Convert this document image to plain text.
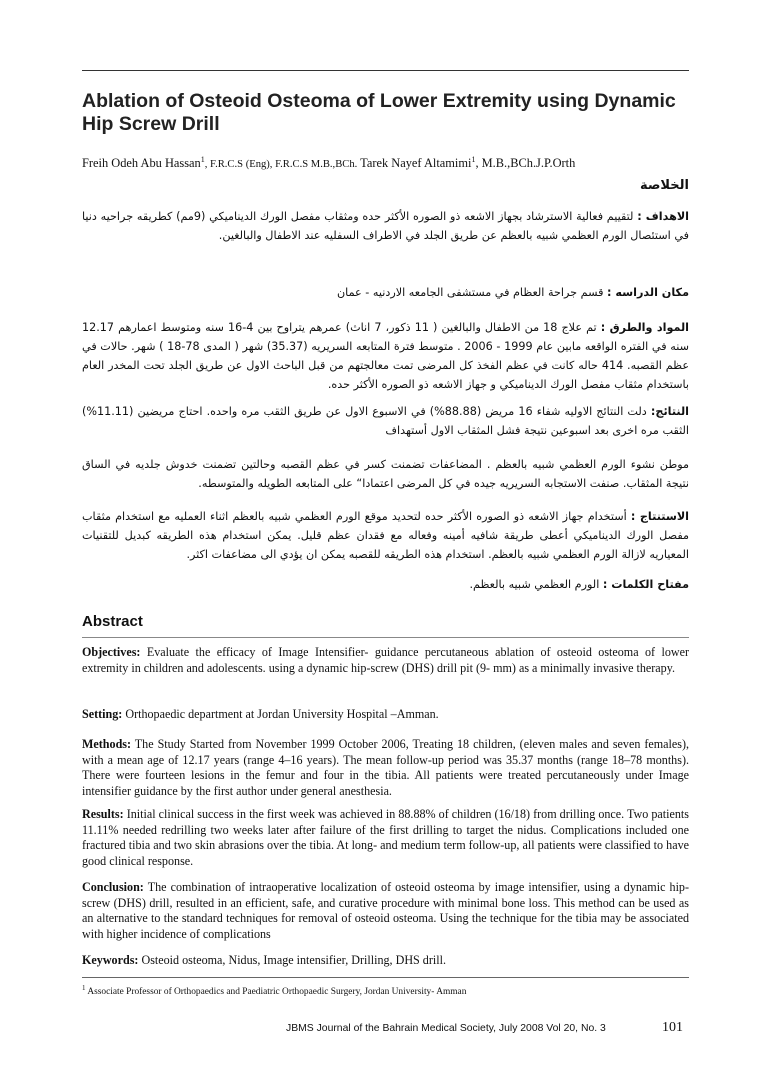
Ablation of Osteoid Osteoma of Lower Extremity using Dynamic Hip Screw Drill
Freih Odeh Abu Hassan$^1$, F.R.C.S (Eng), F.R.C.S M.B.,BCh. Tarek Nayef Altamimi$^1$, M.B.,BCh.J.P.Orth
الخلاصة
الاهداف : لتقييم فعالية الاسترشاد بجهاز الاشعه ذو الصوره الأكثر حده ومثقاب مفصل الورك الديناميكي (9مم) كطريقه جراحيه دنيا في استئصال الورم العظمي شبيه بالعظم عن طريق الجلد في الاطراف السفليه عند الاطفال والبالغين.
مكان الدراسه : قسم جراحة العظام في مستشفى الجامعه الاردنيه - عمان
المواد والطرق : تم علاج 18 من الاطفال والبالغين ( 11 ذكور، 7 اناث) عمرهم يتراوح بين 4-16 سنه ومتوسط اعمارهم 12.17 سنه في الفتره الواقعه مابين عام 1999 - 2006 . متوسط فترة المتابعه السريريه (35.37) شهر ( المدى 78-18 ) شهر. حالات في عظم القصبه. 414 حاله كانت في عظم الفخذ كل المرضى تمت معالجتهم من قبل الباحث الاول عن طريق الجلد تحت المخدر العام باستخدام مثقاب مفصل الورك الديناميكي و جهاز الاشعه ذو الصوره الأكثر حده.
النتائج: دلت النتائج الاوليه شفاء 16 مريض (88.88%) في الاسبوع الاول عن طريق الثقب مره واحده. احتاج مريضين (11.11%) الثقب مره اخرى بعد اسبوعين نتيجة فشل المثقاب الاول أستهداف
موطن نشوء الورم العظمي شبيه بالعظم . المضاعفات تضمنت كسر في عظم القصبه وحالتين تضمنت خدوش جلديه في الساق نتيجة المثقاب. صنفت الاستجابه السريريه جيده في كل المرضى اعتمادا“ على المتابعه الطويله والمتوسطه.
الاستنتاج : أستخدام جهاز الاشعه ذو الصوره الأكثر حده لتحديد موقع الورم العظمي شبيه بالعظم اثناء العمليه مع استخدام مثقاب مفصل الورك الديناميكي أعطى طريقة شافيه أمينه وفعاله مع فقدان عظم قليل. يمكن استخدام هذه الطريقه كبديل للتقنيات المعياريه لازالة الورم العظمي شبيه بالعظم. استخدام هذه الطريقه للقصبه يمكن ان يؤدي الى مضاعفات اكثر.
مفتاح الكلمات : الورم العظمي شبيه بالعظم.
Abstract

Objectives: Evaluate the efficacy of Image Intensifier- guidance percutaneous ablation of osteoid osteoma of lower extremity in children and adolescents. using a dynamic hip-screw (DHS) drill pit (9- mm) as a minimally invasive therapy.

Setting: Orthopaedic department at Jordan University Hospital –Amman.

Methods: The Study Started from November 1999 October 2006, Treating 18 children, (eleven males and seven females), with a mean age of 12.17 years (range 4–16 years). The mean follow-up period was 35.37 months (range 18–78 months). There were fourteen lesions in the femur and four in the tibia. All patients were treated percutaneously under Image intensifier guidance by the first author under general anesthesia.

Results: Initial clinical success in the first week was achieved in 88.88% of children (16/18) from drilling once. Two patients 11.11% needed redrilling two weeks later after failure of the first drilling to target the nidus. Complications included one fractured tibia and two skin abrasions over the tibia. At long- and medium term follow-up, all patients were classified to have good clinical response.

Conclusion: The combination of intraoperative localization of osteoid osteoma by image intensifier, using a dynamic hip-screw (DHS) drill, resulted in an efficient, safe, and curative procedure with minimal bone loss. This method can be used as an alternative to the standard techniques for removal of osteoid osteoma. Using the technique for the tibia may be associated with higher incidence of complications

Keywords: Osteoid osteoma, Nidus, Image intensifier, Drilling, DHS drill.

$^1$ Associate Professor of Orthopaedics and Paediatric Orthopaedic Surgery, Jordan University- Amman
JBMS Journal of the Bahrain Medical Society, July 2008 Vol 20, No. 3	101
